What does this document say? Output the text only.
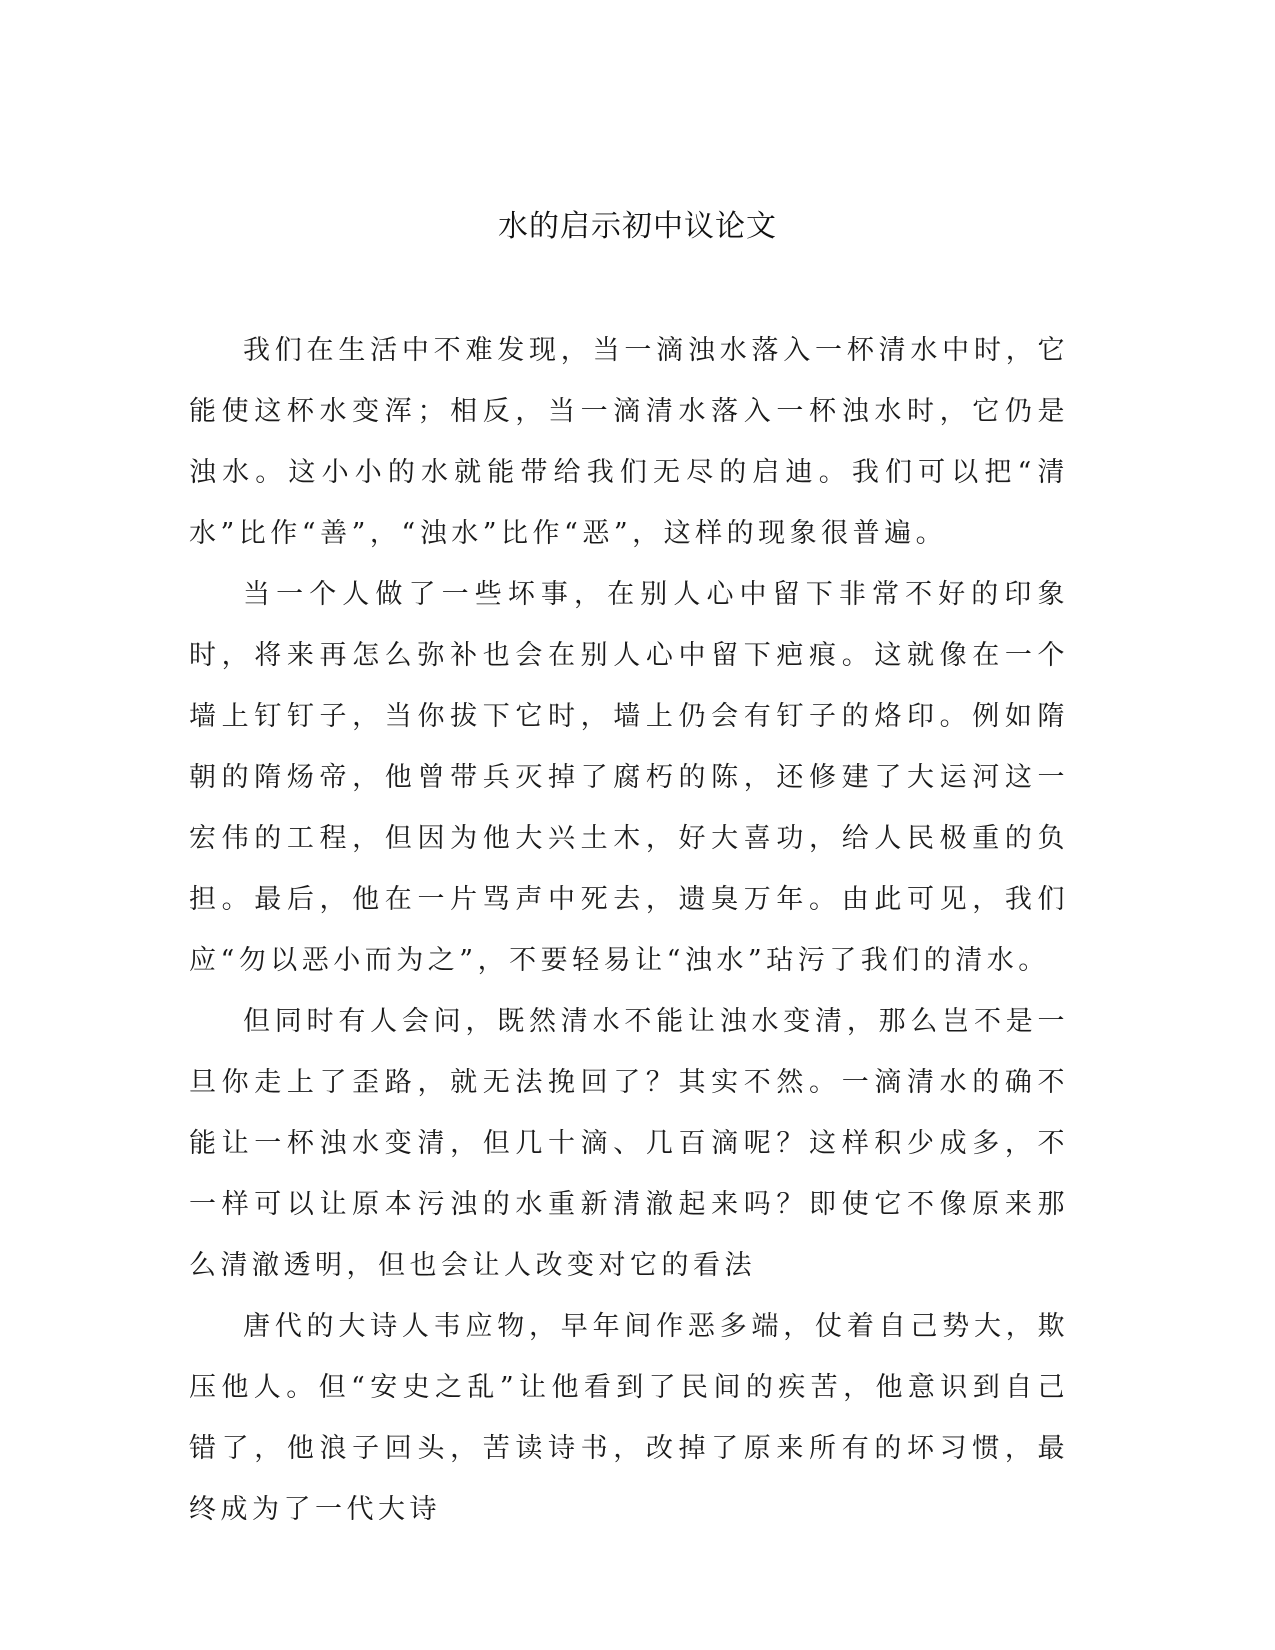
水的启示初中议论文

我们在生活中不难发现，当一滴浊水落入一杯清水中时，它能使这杯水变浑；相反，当一滴清水落入一杯浊水时，它仍是浊水。这小小的水就能带给我们无尽的启迪。我们可以把“清水”比作“善”，“浊水”比作“恶”，这样的现象很普遍。

当一个人做了一些坏事，在别人心中留下非常不好的印象时，将来再怎么弥补也会在别人心中留下疤痕。这就像在一个墙上钉钉子，当你拔下它时，墙上仍会有钉子的烙印。例如隋朝的隋炀帝，他曾带兵灭掉了腐朽的陈，还修建了大运河这一宏伟的工程，但因为他大兴土木，好大喜功，给人民极重的负担。最后，他在一片骂声中死去，遗臭万年。由此可见，我们应“勿以恶小而为之”，不要轻易让“浊水”玷污了我们的清水。

但同时有人会问，既然清水不能让浊水变清，那么岂不是一旦你走上了歪路，就无法挽回了？其实不然。一滴清水的确不能让一杯浊水变清，但几十滴、几百滴呢？这样积少成多，不一样可以让原本污浊的水重新清澈起来吗？即使它不像原来那么清澈透明，但也会让人改变对它的看法

唐代的大诗人韦应物，早年间作恶多端，仗着自己势大，欺压他人。但“安史之乱”让他看到了民间的疾苦，他意识到自己错了，他浪子回头，苦读诗书，改掉了原来所有的坏习惯，最终成为了一代大诗
